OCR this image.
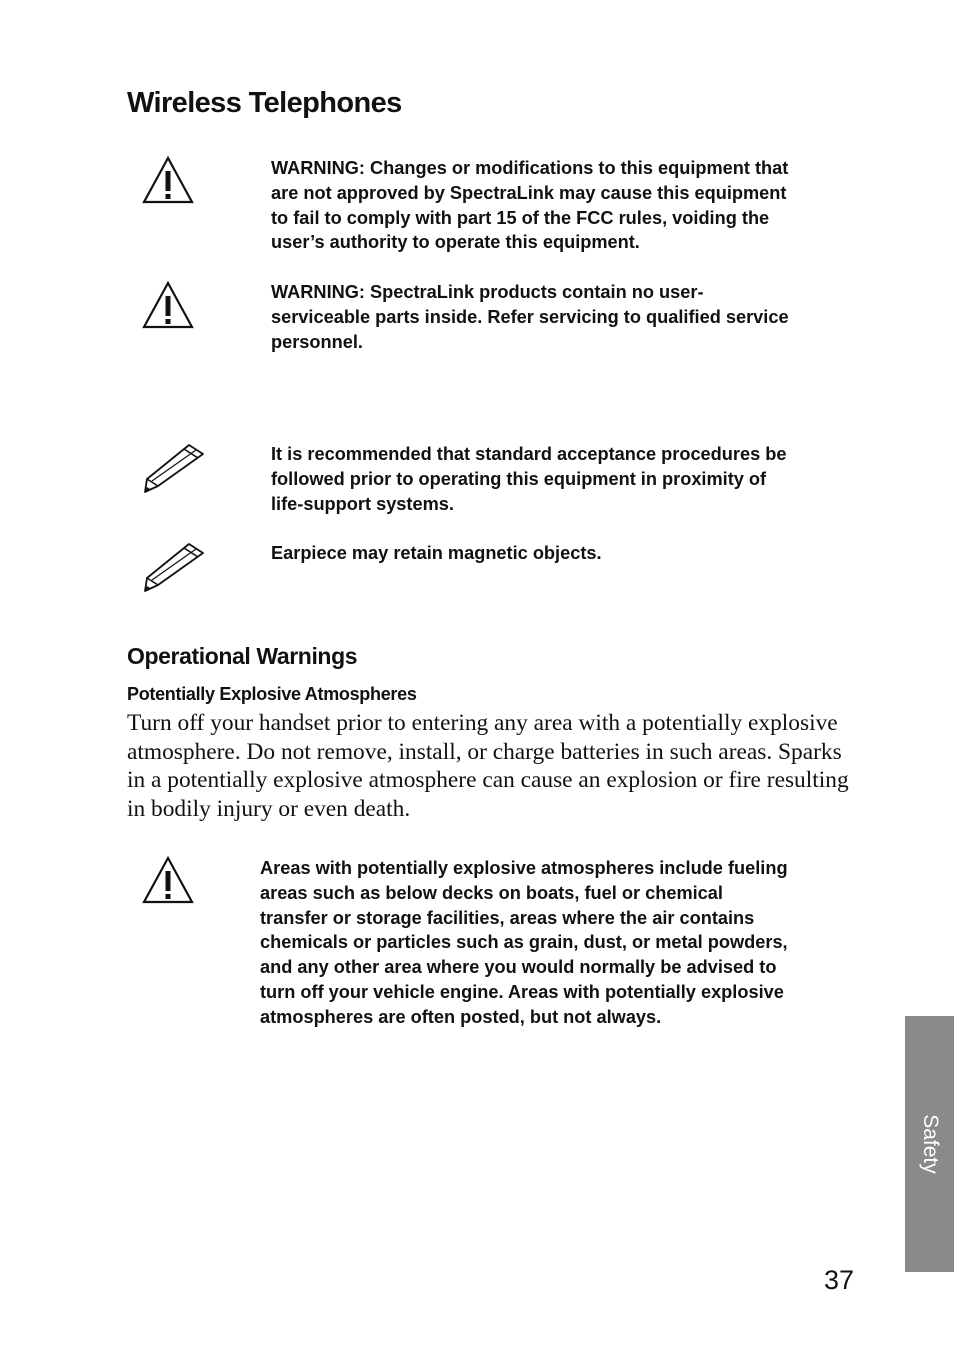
Wireless Telephones

WARNING: Changes or modifications to this equipment that are not approved by SpectraLink may cause this equipment to fail to comply with part 15 of the FCC rules, voiding the user’s authority to operate this equipment.

WARNING: SpectraLink products contain no user-serviceable parts inside. Refer servicing to qualified service personnel.

It is recommended that standard acceptance procedures be followed prior to operating this equipment in proximity of life-support systems.

Earpiece may retain magnetic objects.

Operational Warnings
Potentially Explosive Atmospheres

Turn off your handset prior to entering any area with a potentially explosive atmosphere. Do not remove, install, or charge batteries in such areas. Sparks in a potentially explosive atmosphere can cause an explosion or fire resulting in bodily injury or even death.

Areas with potentially explosive atmospheres include fueling areas such as below decks on boats, fuel or chemical transfer or storage facilities, areas where the air contains chemicals or particles such as grain, dust, or metal powders, and any other area where you would normally be advised to turn off your vehicle engine. Areas with potentially explosive atmospheres are often posted, but not always.

Safety

37
